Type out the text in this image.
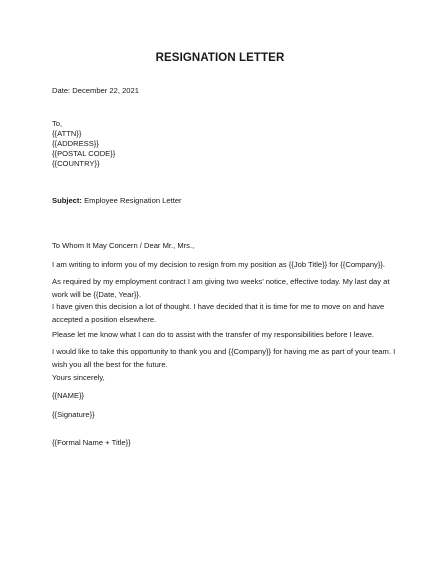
RESIGNATION LETTER
Date: December 22, 2021
To,
{{ATTN}}
{{ADDRESS}}
{{POSTAL CODE}}
{{COUNTRY}}
Subject: Employee Resignation Letter
To Whom It May Concern / Dear Mr., Mrs.,
I am writing to inform you of my decision to resign from my position as {{Job Title}} for {{Company}}.
As required by my employment contract I am giving two weeks’ notice, effective today. My last day at
work will be {{Date, Year}}.
I have given this decision a lot of thought. I have decided that it is time for me to move on and have
accepted a position elsewhere.
Please let me know what I can do to assist with the transfer of my responsibilities before I leave.
I would like to take this opportunity to thank you and {{Company}} for having me as part of your team. I
wish you all the best for the future.
Yours sincerely,
{{NAME}}
{{Signature}}
{{Formal Name + Title}}
